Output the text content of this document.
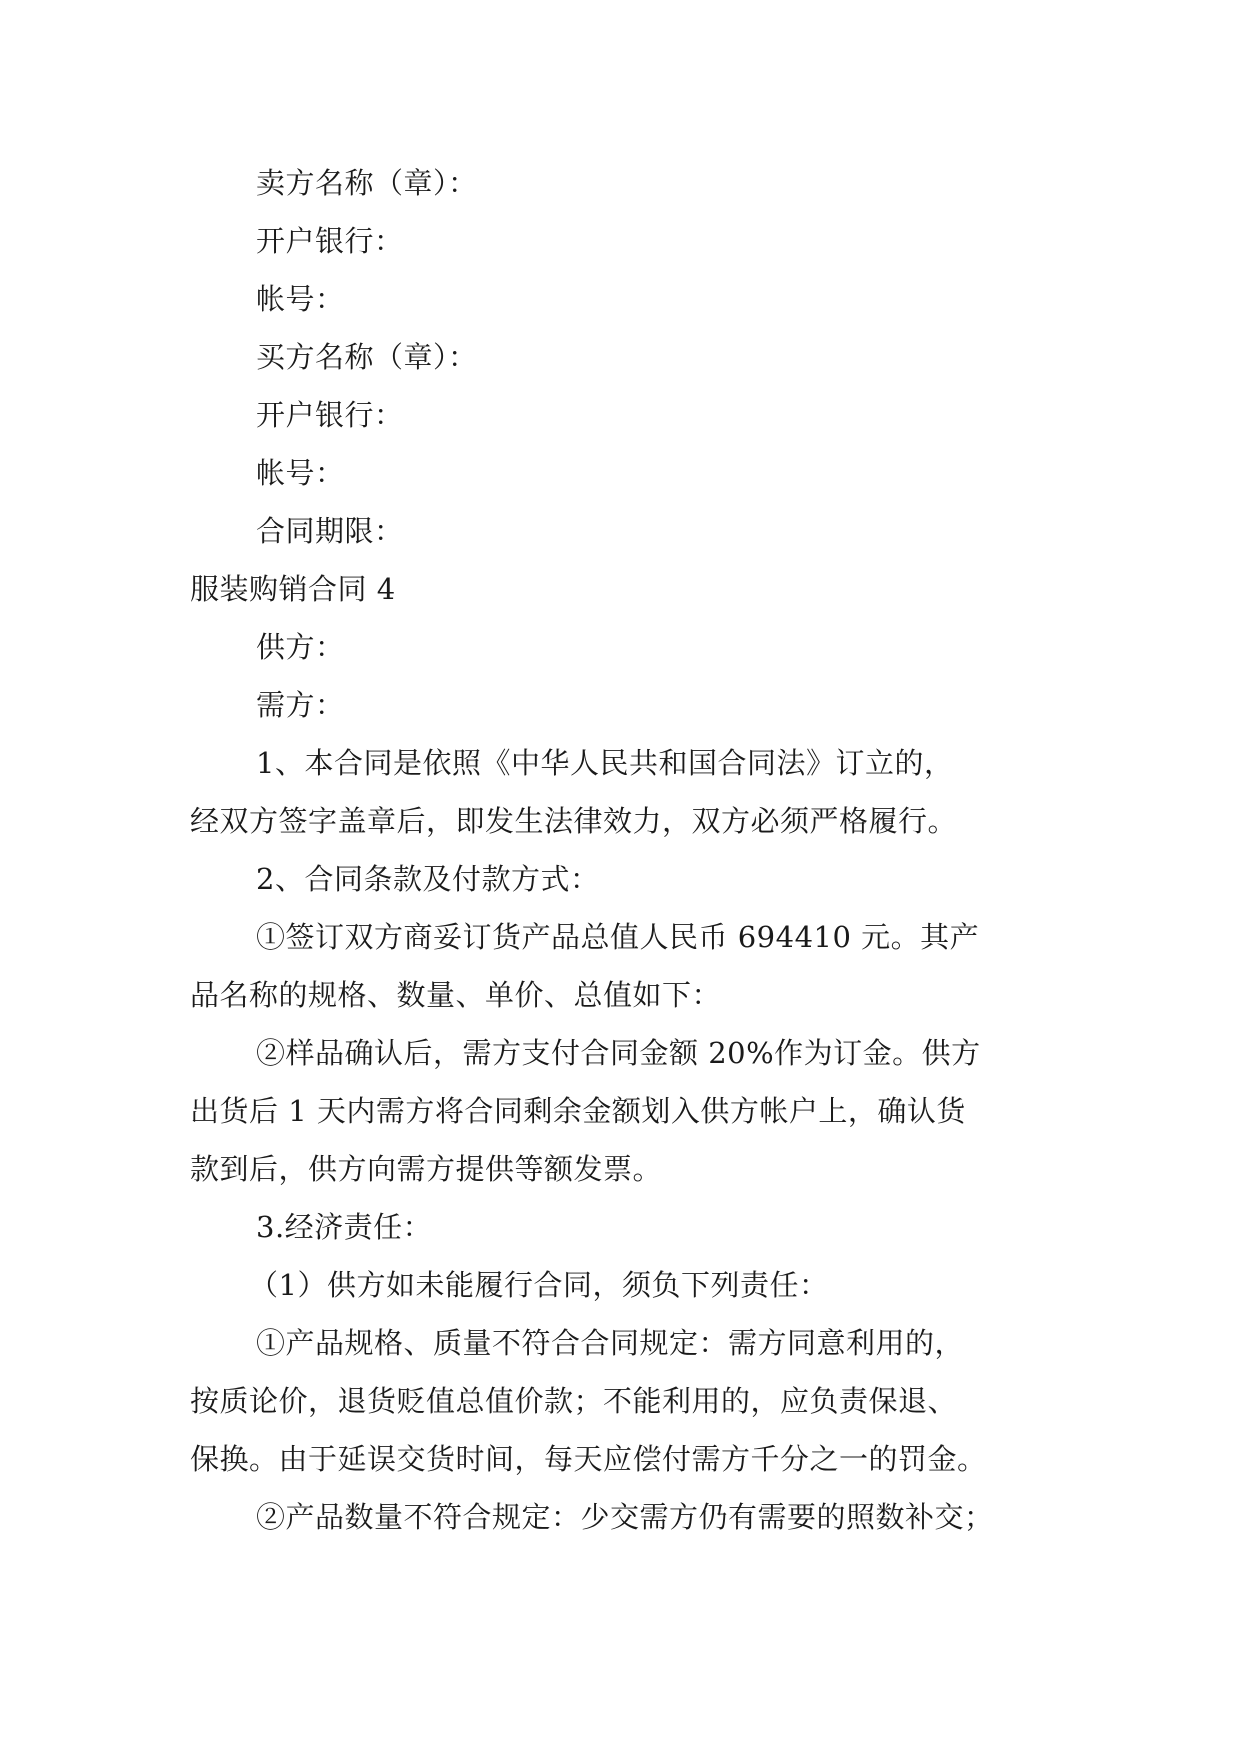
卖方名称（章）：
开户银行：
帐号：
买方名称（章）：
开户银行：
帐号：
合同期限：
服装购销合同 4
供方：
需方：
1、本合同是依照《中华人民共和国合同法》订立的，
经双方签字盖章后，即发生法律效力，双方必须严格履行。
2、合同条款及付款方式：
①签订双方商妥订货产品总值人民币 694410 元。其产
品名称的规格、数量、单价、总值如下：
②样品确认后，需方支付合同金额 20%作为订金。供方
出货后 1 天内需方将合同剩余金额划入供方帐户上，确认货
款到后，供方向需方提供等额发票。
3.经济责任：
（1）供方如未能履行合同，须负下列责任：
①产品规格、质量不符合合同规定：需方同意利用的，
按质论价，退货贬值总值价款；不能利用的，应负责保退、
保换。由于延误交货时间，每天应偿付需方千分之一的罚金。
②产品数量不符合规定：少交需方仍有需要的照数补交；
